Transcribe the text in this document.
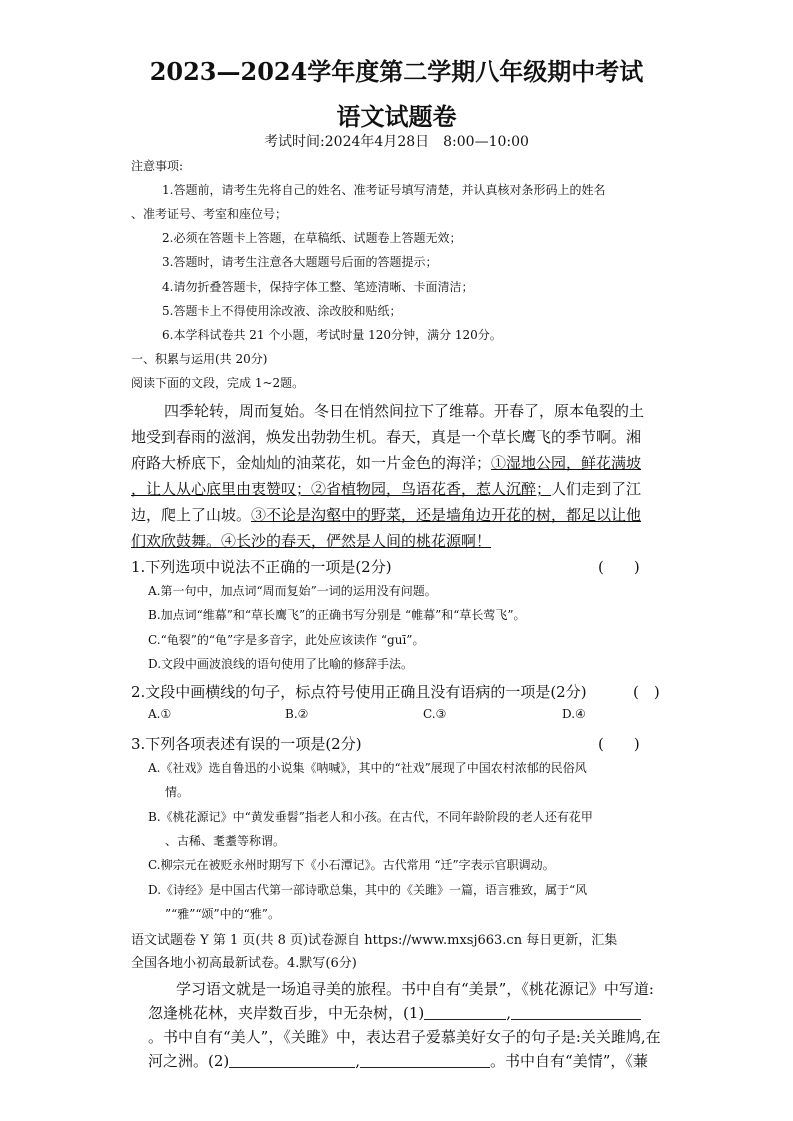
2023—2024学年度第二学期八年级期中考试
语文试题卷
考试时间:2024年4月28日　8:00—10:00
注意事项:
1.答题前，请考生先将自己的姓名、准考证号填写清楚，并认真核对条形码上的姓名
、准考证号、考室和座位号；
2.必须在答题卡上答题，在草稿纸、试题卷上答题无效；
3.答题时，请考生注意各大题题号后面的答题提示；
4.请勿折叠答题卡，保持字体工整、笔迹清晰、卡面清洁；
5.答题卡上不得使用涂改液、涂改胶和贴纸；
6.本学科试卷共 21 个小题，考试时量 120分钟，满分 120分。
一、积累与运用(共 20分)
阅读下面的文段，完成 1~2题。
四季轮转，周而复始。冬日在悄然间拉下了维幕。开春了，原本龟裂的土
地受到春雨的滋润，焕发出勃勃生机。春天，真是一个草长鹰飞的季节啊。湘
府路大桥底下，金灿灿的油菜花，如一片金色的海洋；①湿地公园，鲜花满坡
，让人从心底里由衷赞叹；②省植物园，鸟语花香，惹人沉醉；人们走到了江
边，爬上了山坡。③不论是沟壑中的野菜，还是墙角边开花的树，都足以让他
们欢欣鼓舞。④长沙的春天，俨然是人间的桃花源啊！
1.下列选项中说法不正确的一项是(2分)	(　　)
A.第一句中，加点词“周而复始”一词的运用没有问题。
B.加点词“维幕”和“草长鹰飞”的正确书写分别是 “帷幕”和“草长莺飞”。
C.“龟裂”的“龟”字是多音字，此处应该读作 “guī”。
D.文段中画波浪线的语句使用了比喻的修辞手法。
2.文段中画横线的句子，标点符号使用正确且没有语病的一项是(2分)	(　)
A.①	B.②	C.③	D.④
3.下列各项表述有误的一项是(2分)	(　　)
A.《社戏》选自鲁迅的小说集《呐喊》，其中的“社戏”展现了中国农村浓郁的民俗风
情。
B.《桃花源记》中“黄发垂髫”指老人和小孩。在古代，不同年龄阶段的老人还有花甲
、古稀、耄耋等称谓。
C.柳宗元在被贬永州时期写下《小石潭记》。古代常用 “迁”字表示官职调动。
D.《诗经》是中国古代第一部诗歌总集，其中的《关雎》一篇，语言雅致，属于“风
”“雅”“颂”中的“雅”。
语文试题卷 Y 第 1 页(共 8 页)试卷源自 https://www.mxsj663.cn 每日更新，汇集
全国各地小初高最新试卷。4.默写(6分)
学习语文就是一场追寻美的旅程。书中自有“美景”，《桃花源记》中写道:
忽逢桃花林，夹岸数百步，中无杂树，(1)	,
。书中自有“美人”，《关雎》中，表达君子爱慕美好女子的句子是:关关雎鸠,在
河之洲。(2)	,	。书中自有“美情”，《蒹
